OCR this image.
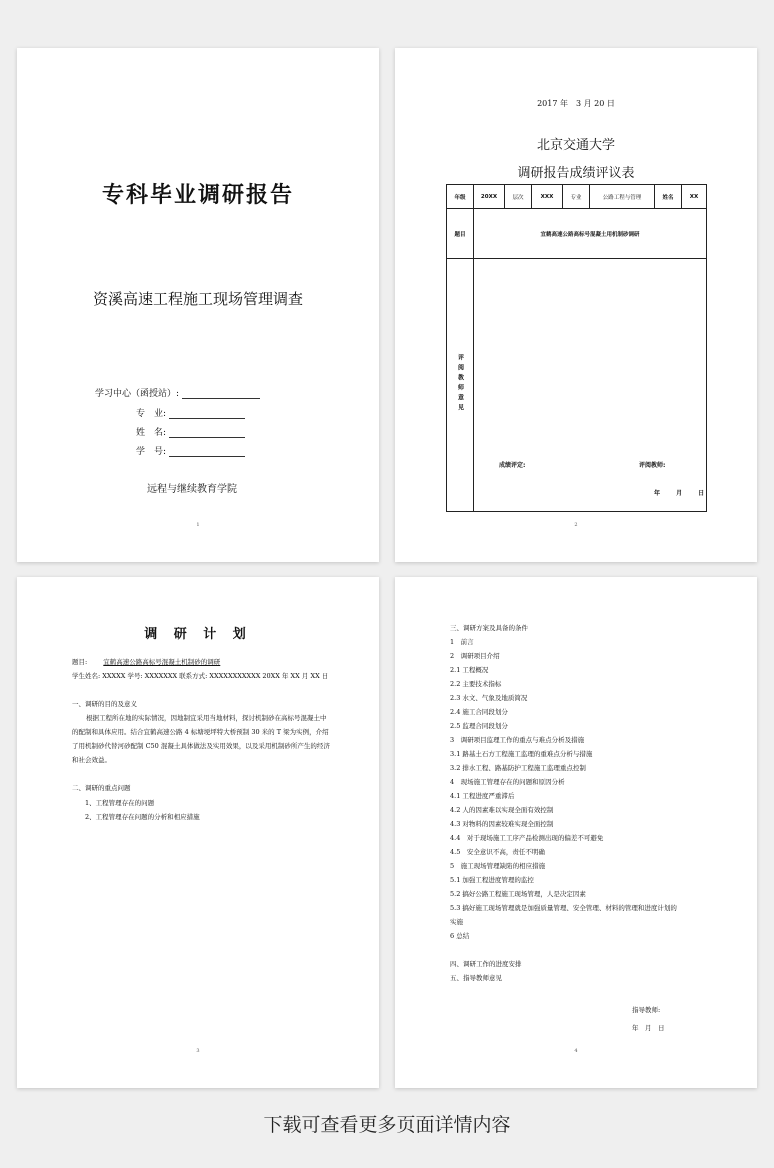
专科毕业调研报告
资溪高速工程施工现场管理调查
学习中心（函授站）:
专　业:
姓　名:
学　号:
远程与继续教育学院
1
2017 年　3 月 20 日
北京交通大学
调研报告成绩评议表
年级	20XX	层次	XXX	专业	公路工程与管理	姓名	XX
题目	宜鹤高速公路高标号混凝土用机制砂调研						
评阅教师意见	成绩评定: 评阅教师:
年 月 日						
2
调 研 计 划
题目: 宜鹤高速公路高标号混凝土机制砂的调研
学生姓名: XXXXX 学号: XXXXXXX 联系方式: XXXXXXXXXXX 20XX 年 XX 月 XX 日
一、调研的目的及意义
根据工程所在地的实际情况，因地制宜采用当地材料，探讨机制砂在高标号混凝土中的配制和具体应用。结合宜鹤高速公路 4 标塘埂坪特大桥预制 30 米的 T 梁为实例，介绍了用机制砂代替河砂配制 C50 混凝土具体做法及实用效果，以及采用机制砂所产生的经济和社会效益。
二、调研的重点问题
1、工程管理存在的问题
2、工程管理存在问题的分析和相应措施
3
三、调研方案及具备的条件
1　前言
2　调研项目介绍
2.1 工程概况
2.2 主要技术指标
2.3 水文、气象及地质简况
2.4 施工合同段划分
2.5 监理合同段划分
3　调研项目监理工作的重点与难点分析及措施
3.1 路基土石方工程施工监理的重难点分析与措施
3.2 排水工程、路基防护工程施工监理重点控制
4　现场施工管理存在的问题和原因分析
4.1 工程进度严重滞后
4.2 人的因素难以实现全面有效控制
4.3 对物料的因素较难实现全面控制
4.4　对于现场施工工序产品检测出现的偏差不可避免
4.5　安全意识不高，责任不明确
5　施工现场管理缺陷的相应措施
5.1 加强工程进度管理的监控
5.2 搞好公路工程施工现场管理，人是决定因素
5.3 搞好施工现场管理就是加强质量管理、安全管理、材料的管理和进度计划的
实施
6 总结
四、调研工作的进度安排
五、指导教师意见
指导教师:
年　月　日
4
下载可查看更多页面详情内容
